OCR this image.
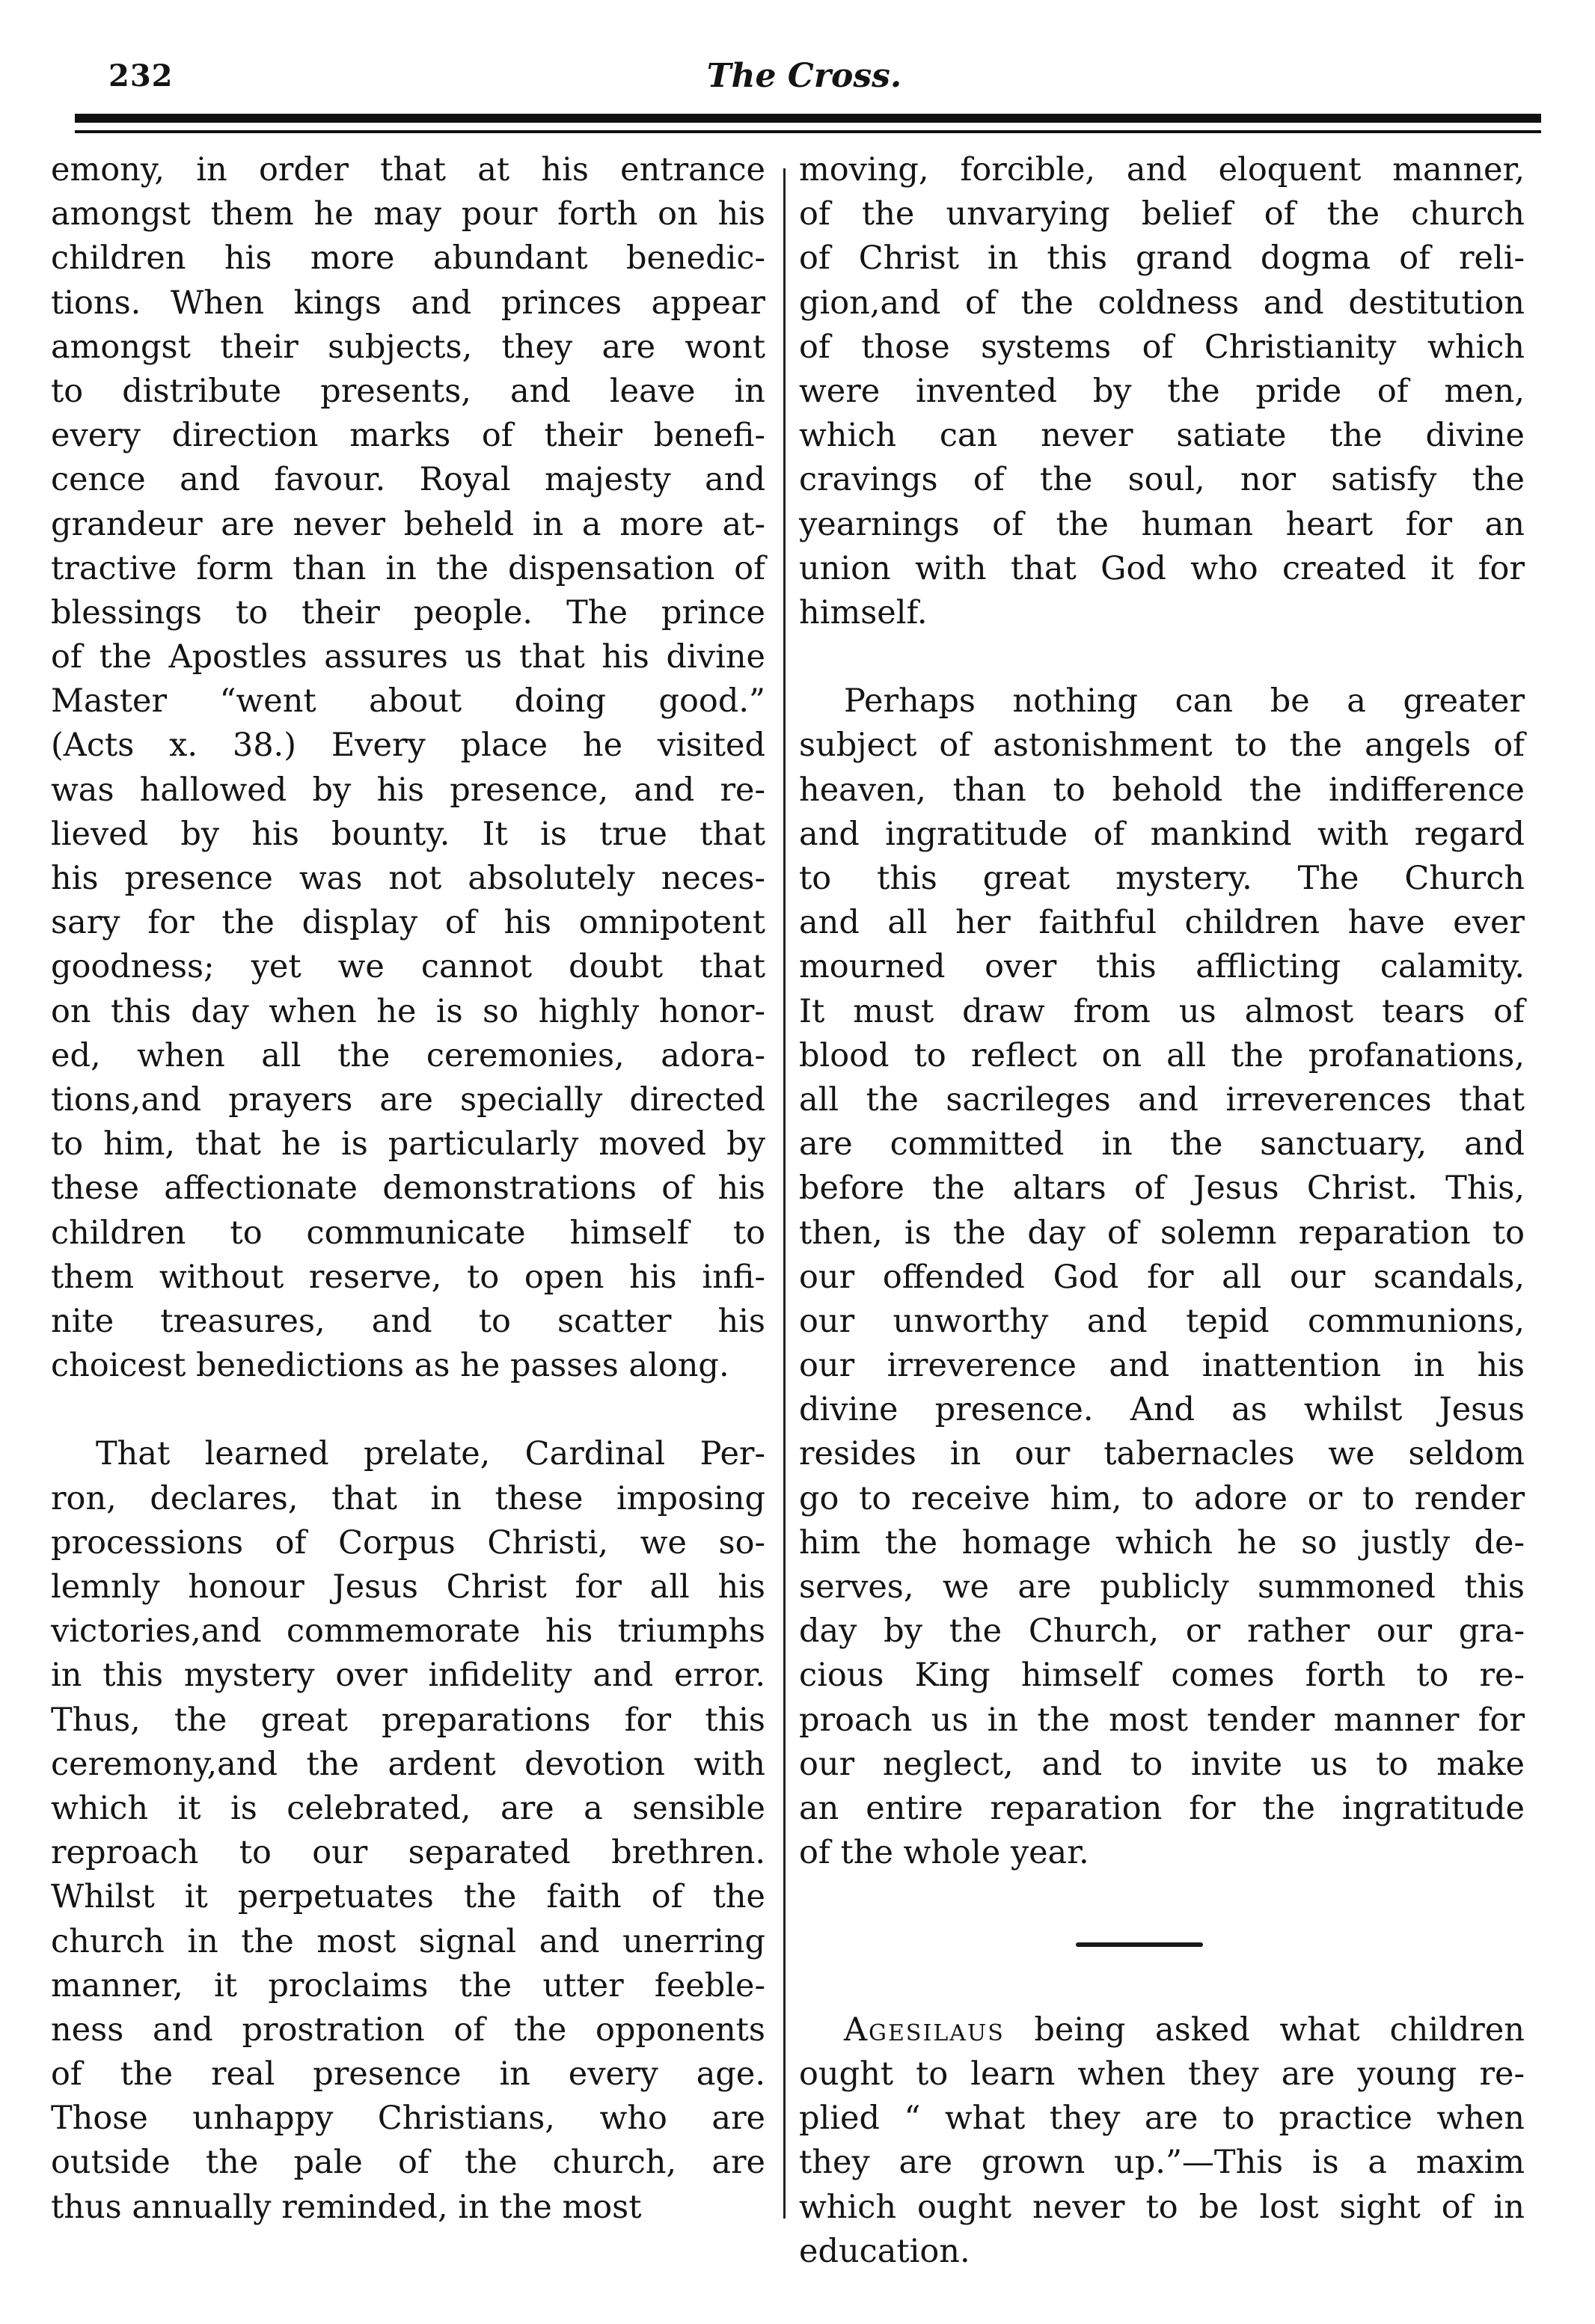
232	The Cross.
emony, in order that at his entrance
amongst them he may pour forth on his
children his more abundant benedic-
tions. When kings and princes appear
amongst their subjects, they are wont
to distribute presents, and leave in
every direction marks of their benefi-
cence and favour. Royal majesty and
grandeur are never beheld in a more at-
tractive form than in the dispensation of
blessings to their people. The prince
of the Apostles assures us that his divine
Master “went about doing good.”
(Acts x. 38.) Every place he visited
was hallowed by his presence, and re-
lieved by his bounty. It is true that
his presence was not absolutely neces-
sary for the display of his omnipotent
goodness; yet we cannot doubt that
on this day when he is so highly honor-
ed, when all the ceremonies, adora-
tions,and prayers are specially directed
to him, that he is particularly moved by
these affectionate demonstrations of his
children to communicate himself to
them without reserve, to open his infi-
nite treasures, and to scatter his
choicest benedictions as he passes along.
That learned prelate, Cardinal Per-
ron, declares, that in these imposing
processions of Corpus Christi, we so-
lemnly honour Jesus Christ for all his
victories,and commemorate his triumphs
in this mystery over infidelity and error.
Thus, the great preparations for this
ceremony,and the ardent devotion with
which it is celebrated, are a sensible
reproach to our separated brethren.
Whilst it perpetuates the faith of the
church in the most signal and unerring
manner, it proclaims the utter feeble-
ness and prostration of the opponents
of the real presence in every age.
Those unhappy Christians, who are
outside the pale of the church, are
thus annually reminded, in the most
moving, forcible, and eloquent manner,
of the unvarying belief of the church
of Christ in this grand dogma of reli-
gion,and of the coldness and destitution
of those systems of Christianity which
were invented by the pride of men,
which can never satiate the divine
cravings of the soul, nor satisfy the
yearnings of the human heart for an
union with that God who created it for
himself.
Perhaps nothing can be a greater
subject of astonishment to the angels of
heaven, than to behold the indifference
and ingratitude of mankind with regard
to this great mystery. The Church
and all her faithful children have ever
mourned over this afflicting calamity.
It must draw from us almost tears of
blood to reflect on all the profanations,
all the sacrileges and irreverences that
are committed in the sanctuary, and
before the altars of Jesus Christ. This,
then, is the day of solemn reparation to
our offended God for all our scandals,
our unworthy and tepid communions,
our irreverence and inattention in his
divine presence. And as whilst Jesus
resides in our tabernacles we seldom
go to receive him, to adore or to render
him the homage which he so justly de-
serves, we are publicly summoned this
day by the Church, or rather our gra-
cious King himself comes forth to re-
proach us in the most tender manner for
our neglect, and to invite us to make
an entire reparation for the ingratitude
of the whole year.
Agesilaus being asked what children
ought to learn when they are young re-
plied “ what they are to practice when
they are grown up.”—This is a maxim
which ought never to be lost sight of in
education.
